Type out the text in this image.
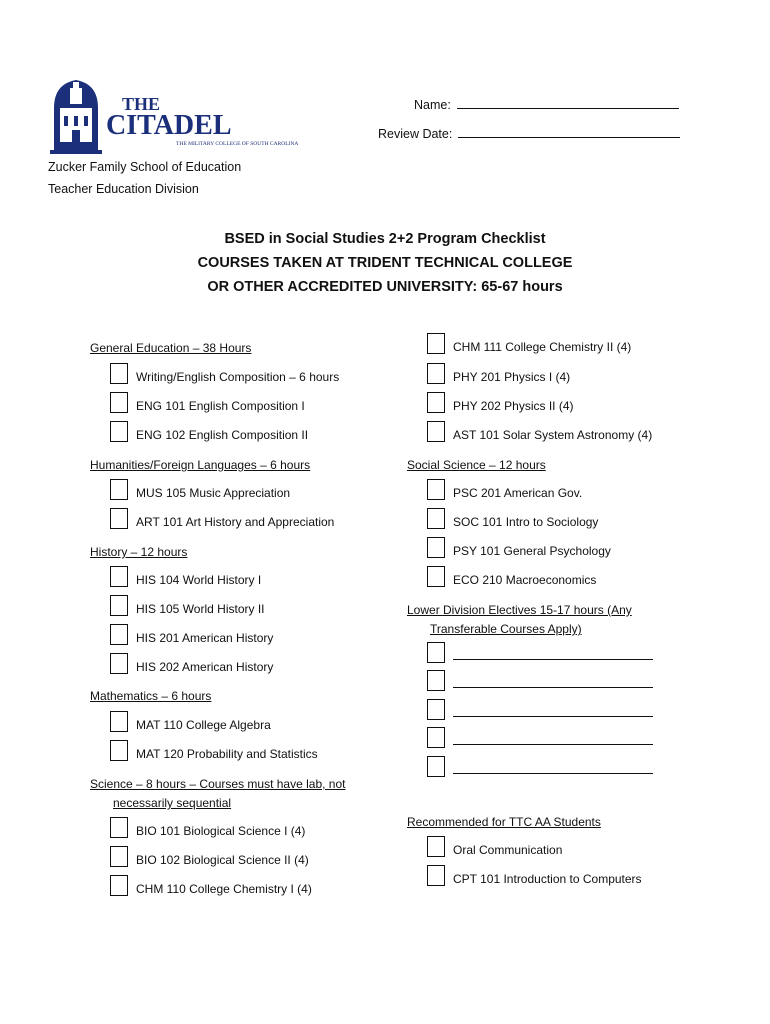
THE
CITADEL
THE MILITARY COLLEGE OF SOUTH CAROLINA
Name:
Review Date:
Zucker Family School of Education
Teacher Education Division
BSED in Social Studies 2+2 Program Checklist
COURSES TAKEN AT TRIDENT TECHNICAL COLLEGE
OR OTHER ACCREDITED UNIVERSITY: 65-67 hours
General Education – 38 Hours
Writing/English Composition – 6 hours
ENG 101 English Composition I
ENG 102 English Composition II
Humanities/Foreign Languages – 6 hours
MUS 105 Music Appreciation
ART 101 Art History and Appreciation
History – 12 hours
HIS 104 World History I
HIS 105 World History II
HIS 201 American History
HIS 202 American History
Mathematics – 6 hours
MAT 110 College Algebra
MAT 120 Probability and Statistics
Science – 8 hours – Courses must have lab, not
necessarily sequential
BIO 101 Biological Science I (4)
BIO 102 Biological Science II (4)
CHM 110 College Chemistry I (4)
CHM 111 College Chemistry II (4)
PHY 201 Physics I (4)
PHY 202 Physics II (4)
AST 101 Solar System Astronomy (4)
Social Science – 12 hours
PSC 201 American Gov.
SOC 101 Intro to Sociology
PSY 101 General Psychology
ECO 210 Macroeconomics
Lower Division Electives 15-17 hours (Any
Transferable Courses Apply)
Recommended for TTC AA Students
Oral Communication
CPT 101 Introduction to Computers
